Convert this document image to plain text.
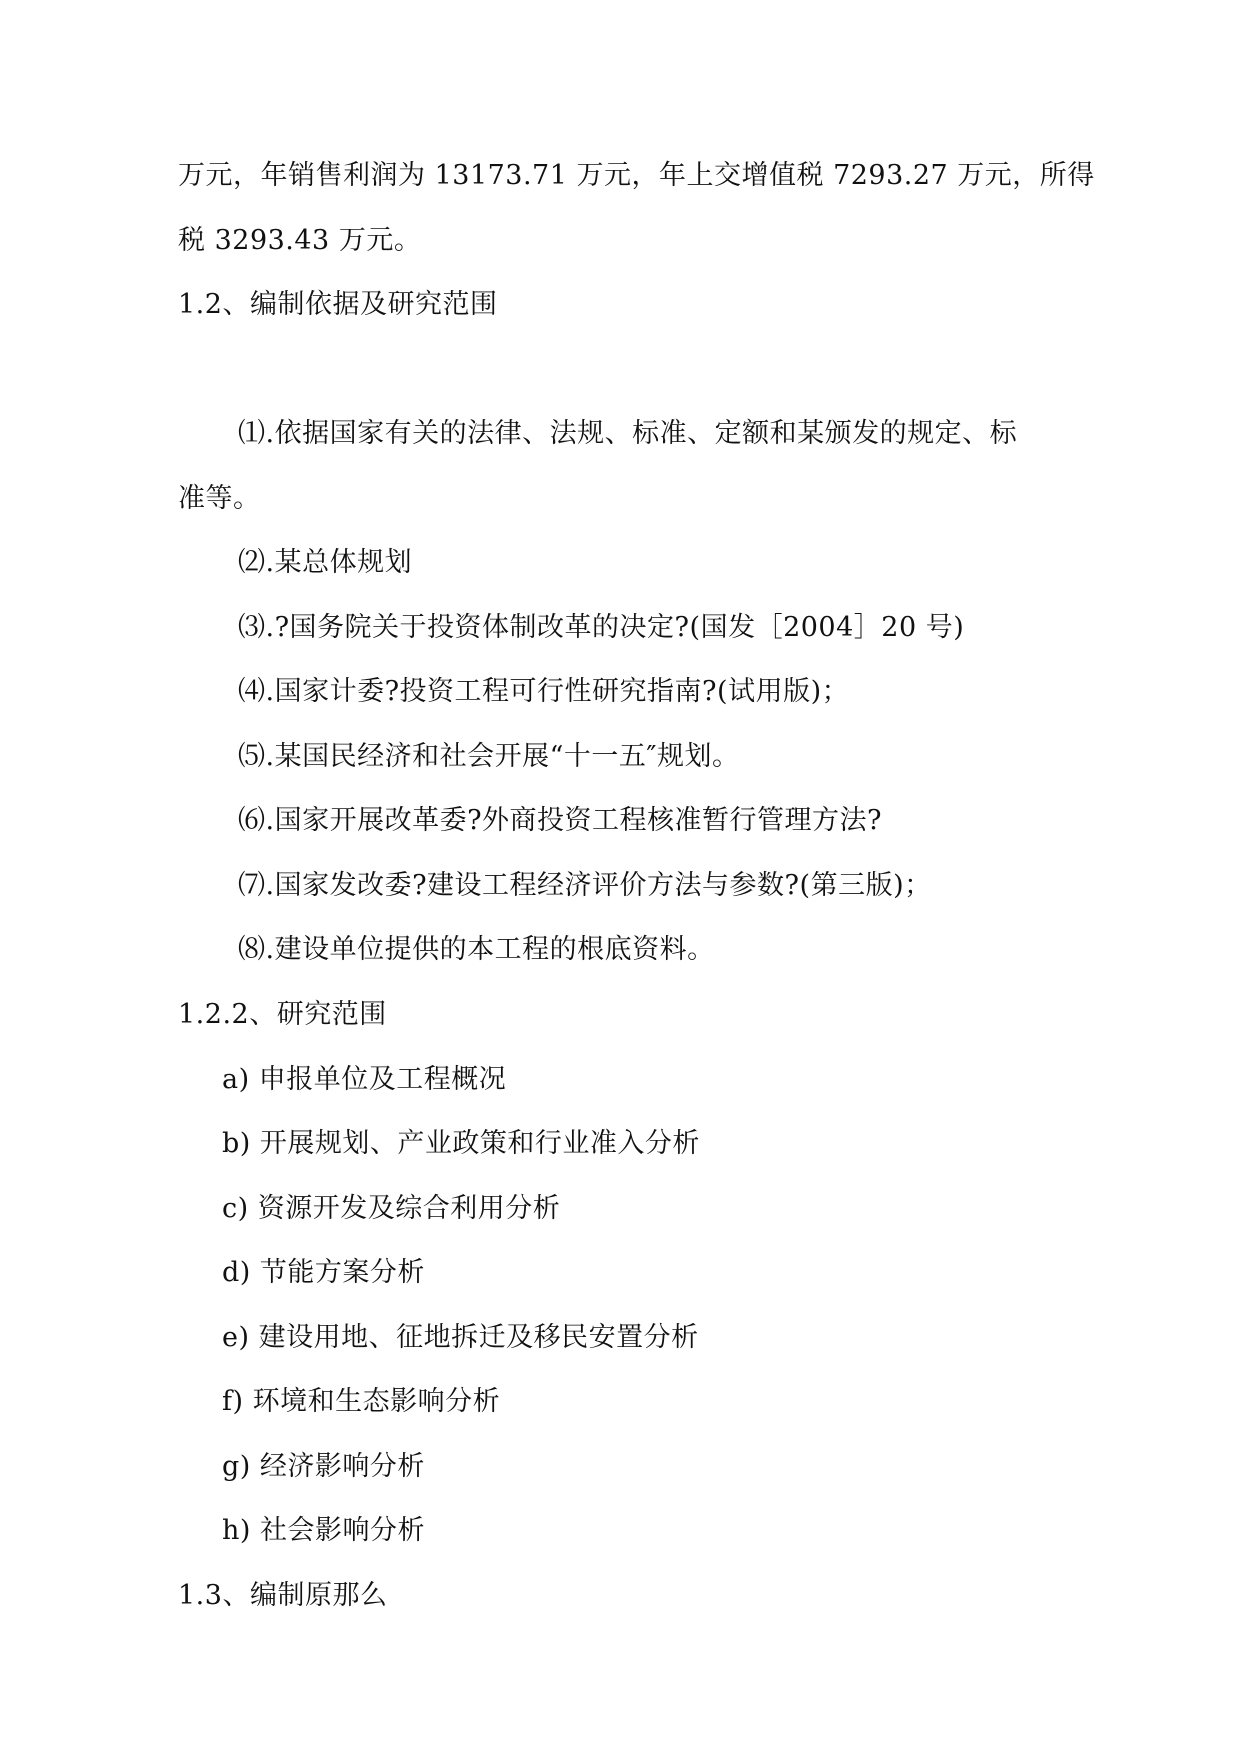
万元，年销售利润为 13173.71 万元，年上交增值税 7293.27 万元，所得
税 3293.43 万元。
1.2、编制依据及研究范围
⑴.依据国家有关的法律、法规、标准、定额和某颁发的规定、标
准等。
⑵.某总体规划
⑶.?国务院关于投资体制改革的决定?(国发［2004］20 号)
⑷.国家计委?投资工程可行性研究指南?(试用版)；
⑸.某国民经济和社会开展“十一五″规划。
⑹.国家开展改革委?外商投资工程核准暂行管理方法?
⑺.国家发改委?建设工程经济评价方法与参数?(第三版)；
⑻.建设单位提供的本工程的根底资料。
1.2.2、研究范围
a) 申报单位及工程概况
b) 开展规划、产业政策和行业准入分析
c) 资源开发及综合利用分析
d) 节能方案分析
e) 建设用地、征地拆迁及移民安置分析
f) 环境和生态影响分析
g) 经济影响分析
h) 社会影响分析
1.3、编制原那么
